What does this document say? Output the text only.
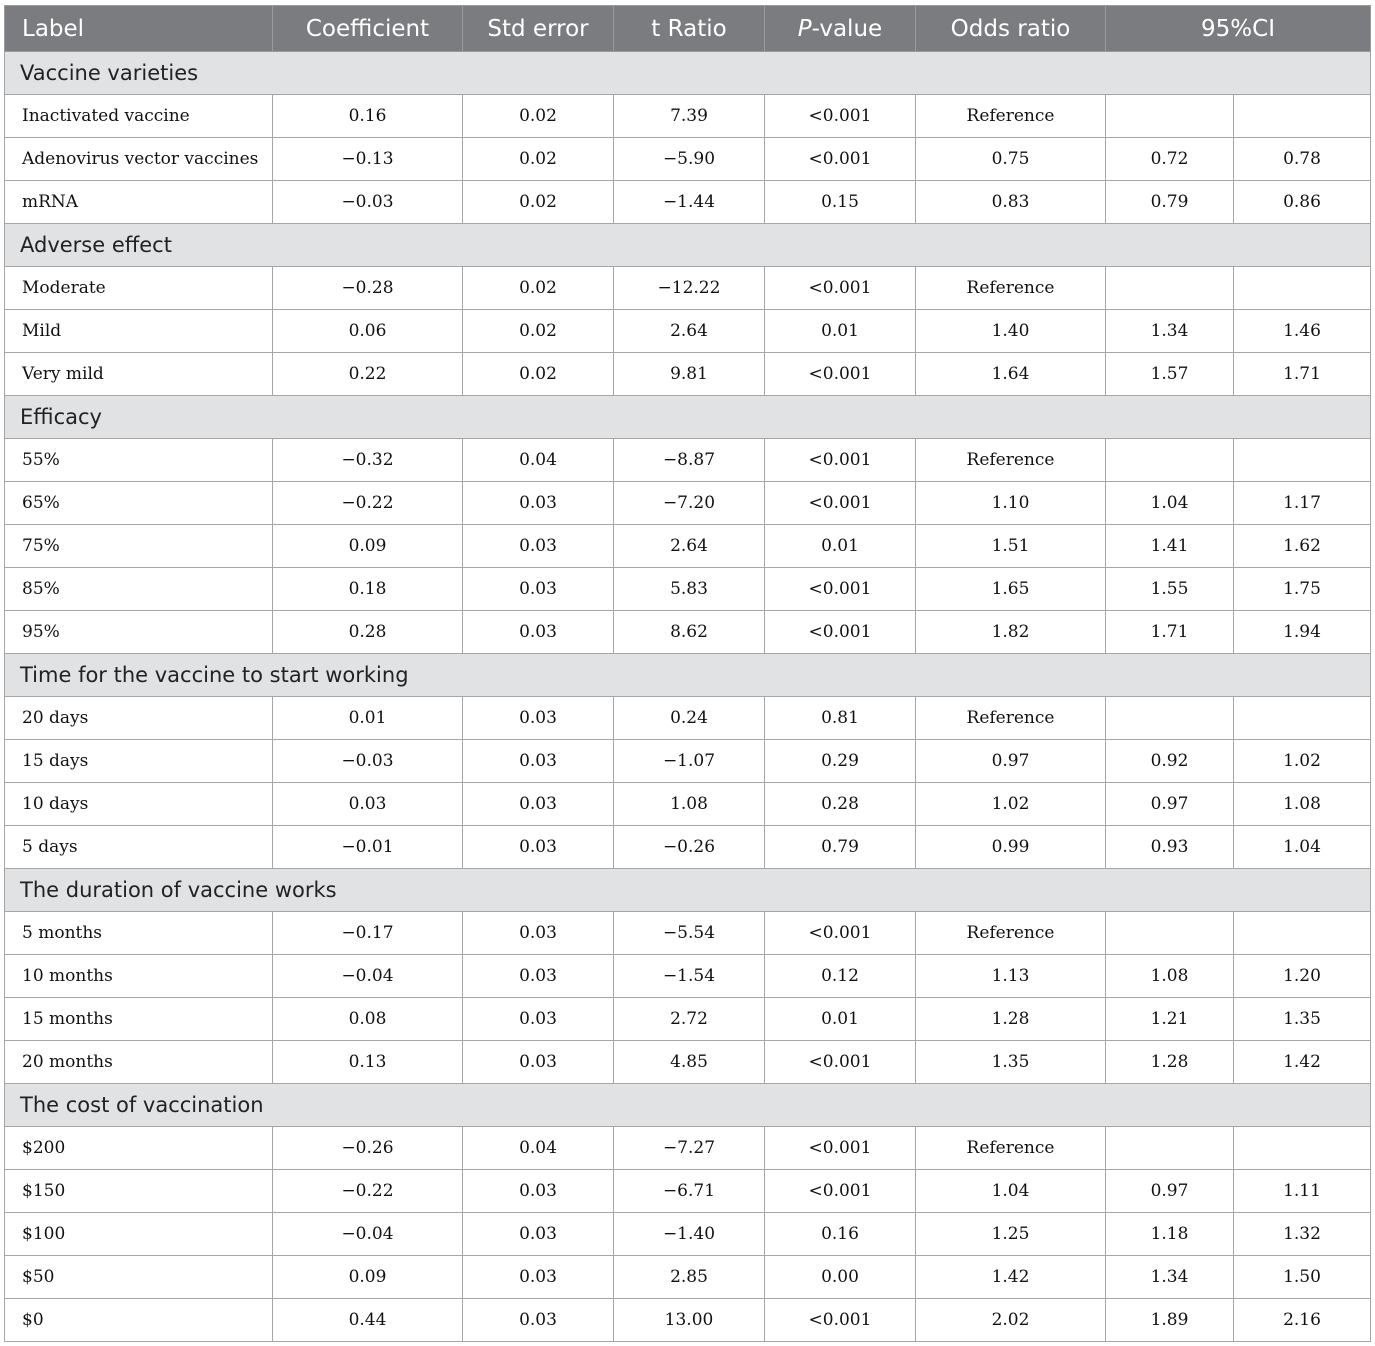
Label	Coefficient	Std error	t Ratio	P-value	Odds ratio	95%CI	
Vaccine varieties							
Inactivated vaccine	0.16	0.02	7.39	<0.001	Reference		
Adenovirus vector vaccines	−0.13	0.02	−5.90	<0.001	0.75	0.72	0.78
mRNA	−0.03	0.02	−1.44	0.15	0.83	0.79	0.86
Adverse effect							
Moderate	−0.28	0.02	−12.22	<0.001	Reference		
Mild	0.06	0.02	2.64	0.01	1.40	1.34	1.46
Very mild	0.22	0.02	9.81	<0.001	1.64	1.57	1.71
Efficacy							
55%	−0.32	0.04	−8.87	<0.001	Reference		
65%	−0.22	0.03	−7.20	<0.001	1.10	1.04	1.17
75%	0.09	0.03	2.64	0.01	1.51	1.41	1.62
85%	0.18	0.03	5.83	<0.001	1.65	1.55	1.75
95%	0.28	0.03	8.62	<0.001	1.82	1.71	1.94
Time for the vaccine to start working							
20 days	0.01	0.03	0.24	0.81	Reference		
15 days	−0.03	0.03	−1.07	0.29	0.97	0.92	1.02
10 days	0.03	0.03	1.08	0.28	1.02	0.97	1.08
5 days	−0.01	0.03	−0.26	0.79	0.99	0.93	1.04
The duration of vaccine works							
5 months	−0.17	0.03	−5.54	<0.001	Reference		
10 months	−0.04	0.03	−1.54	0.12	1.13	1.08	1.20
15 months	0.08	0.03	2.72	0.01	1.28	1.21	1.35
20 months	0.13	0.03	4.85	<0.001	1.35	1.28	1.42
The cost of vaccination							
$200	−0.26	0.04	−7.27	<0.001	Reference		
$150	−0.22	0.03	−6.71	<0.001	1.04	0.97	1.11
$100	−0.04	0.03	−1.40	0.16	1.25	1.18	1.32
$50	0.09	0.03	2.85	0.00	1.42	1.34	1.50
$0	0.44	0.03	13.00	<0.001	2.02	1.89	2.16
